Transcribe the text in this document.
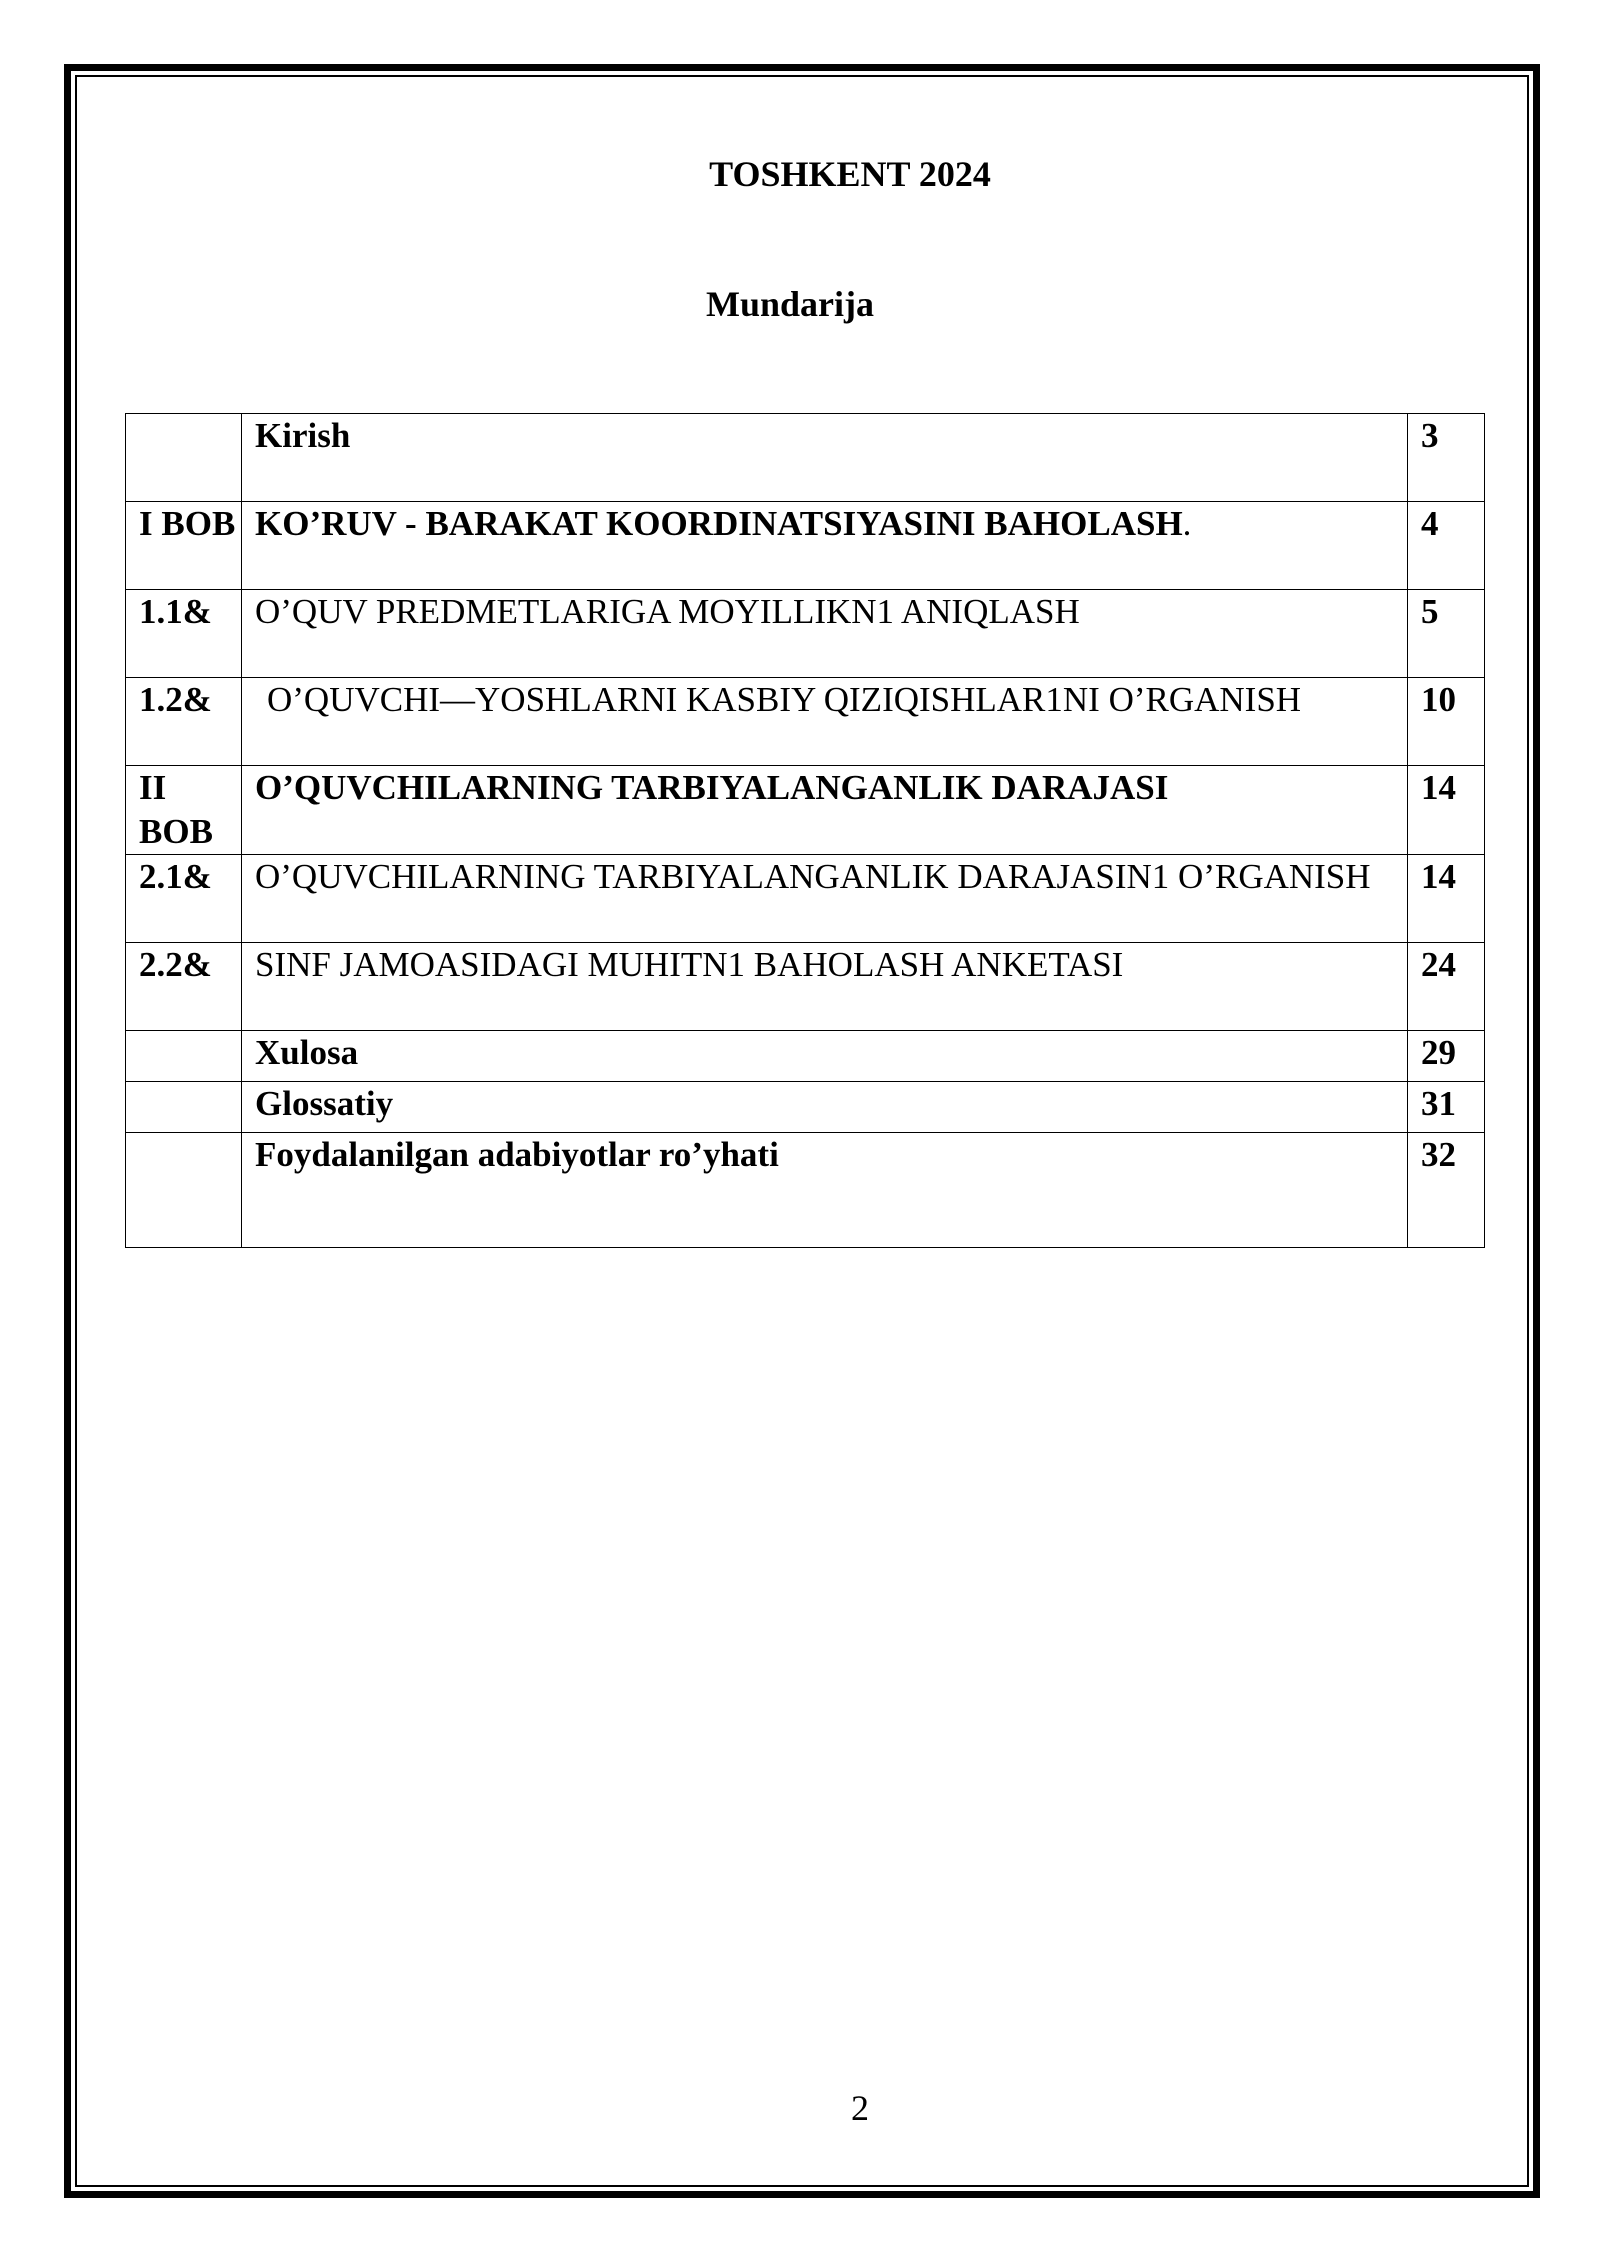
TOSHKENT 2024
Mundarija
	Kirish	3
I BOB	KO’RUV - BARAKAT KOORDINATSIYASINI BAHOLASH.	4
1.1&	O’QUV PREDMETLARIGA MOYILLIKN1 ANIQLASH	5
1.2&	O’QUVCHI—YOSHLARNI KASBIY QIZIQISHLAR1NI O’RGANISH	10
II BOB	O’QUVCHILARNING TARBIYALANGANLIK DARAJASI	14
2.1&	O’QUVCHILARNING TARBIYALANGANLIK DARAJASIN1 O’RGANISH	14
2.2&	SINF JAMOASIDAGI MUHITN1 BAHOLASH ANKETASI	24
	Xulosa	29
	Glossatiy	31
	Foydalanilgan adabiyotlar ro’yhati	32
2
